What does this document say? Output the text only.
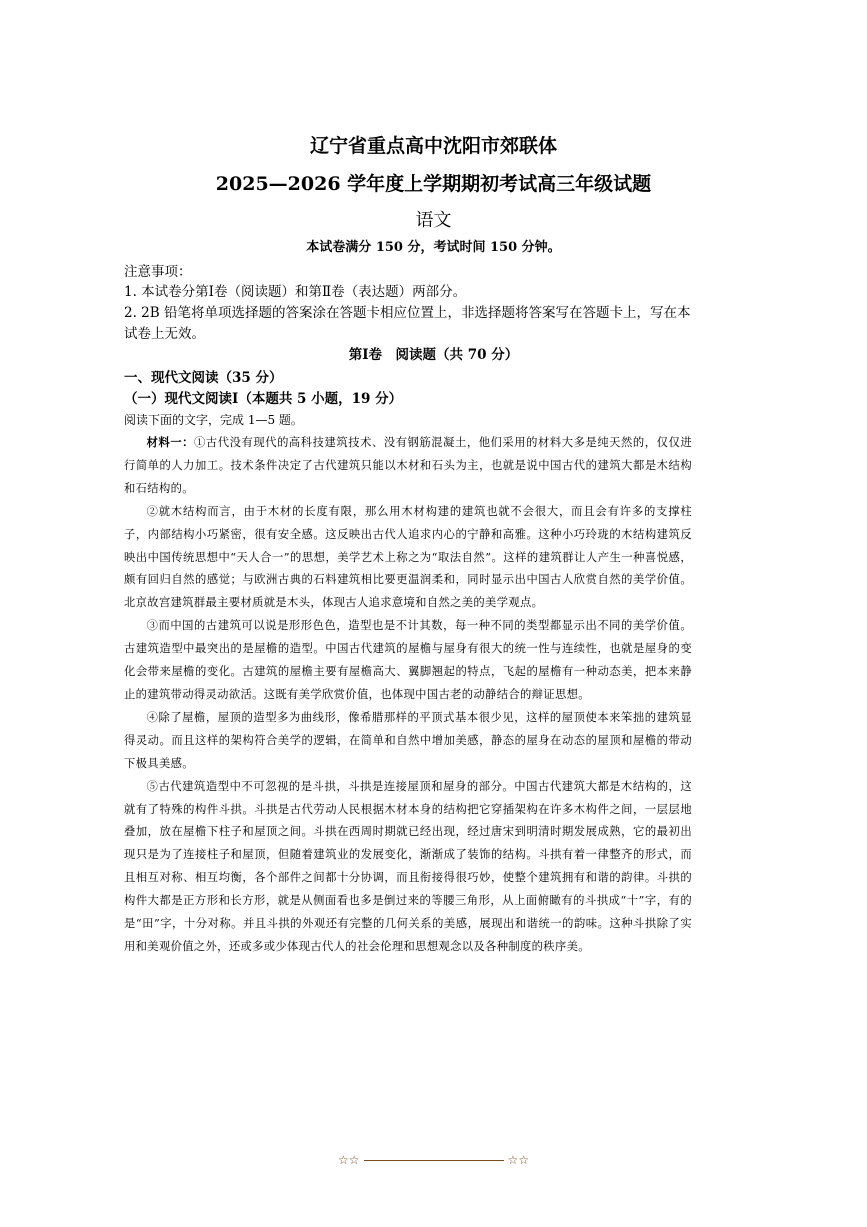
辽宁省重点高中沈阳市郊联体
2025—2026 学年度上学期期初考试高三年级试题
语文
本试卷满分 150 分，考试时间 150 分钟。
注意事项：
1. 本试卷分第Ⅰ卷（阅读题）和第Ⅱ卷（表达题）两部分。
2. 2B 铅笔将单项选择题的答案涂在答题卡相应位置上，非选择题将答案写在答题卡上，写在本试卷上无效。
第Ⅰ卷　阅读题（共 70 分）
一、现代文阅读（35 分）
（一）现代文阅读Ⅰ（本题共 5 小题，19 分）
阅读下面的文字，完成 1—5 题。

材料一：①古代没有现代的高科技建筑技术、没有钢筋混凝土，他们采用的材料大多是纯天然的，仅仅进行简单的人力加工。技术条件决定了古代建筑只能以木材和石头为主，也就是说中国古代的建筑大都是木结构和石结构的。

②就木结构而言，由于木材的长度有限，那么用木材构建的建筑也就不会很大，而且会有许多的支撑柱子，内部结构小巧紧密，很有安全感。这反映出古代人追求内心的宁静和高雅。这种小巧玲珑的木结构建筑反映出中国传统思想中“天人合一”的思想，美学艺术上称之为“取法自然”。这样的建筑群让人产生一种喜悦感，颇有回归自然的感觉；与欧洲古典的石料建筑相比要更温润柔和，同时显示出中国古人欣赏自然的美学价值。北京故宫建筑群最主要材质就是木头，体现古人追求意境和自然之美的美学观点。

③而中国的古建筑可以说是形形色色，造型也是不计其数，每一种不同的类型都显示出不同的美学价值。古建筑造型中最突出的是屋檐的造型。中国古代建筑的屋檐与屋身有很大的统一性与连续性，也就是屋身的变化会带来屋檐的变化。古建筑的屋檐主要有屋檐高大、翼脚翘起的特点，飞起的屋檐有一种动态美，把本来静止的建筑带动得灵动欲活。这既有美学欣赏价值，也体现中国古老的动静结合的辩证思想。

④除了屋檐，屋顶的造型多为曲线形，像希腊那样的平顶式基本很少见，这样的屋顶使本来笨拙的建筑显得灵动。而且这样的架构符合美学的逻辑，在简单和自然中增加美感，静态的屋身在动态的屋顶和屋檐的带动下极具美感。

⑤古代建筑造型中不可忽视的是斗拱，斗拱是连接屋顶和屋身的部分。中国古代建筑大都是木结构的，这就有了特殊的构件斗拱。斗拱是古代劳动人民根据木材本身的结构把它穿插架构在许多木构件之间，一层层地叠加，放在屋檐下柱子和屋顶之间。斗拱在西周时期就已经出现，经过唐宋到明清时期发展成熟，它的最初出现只是为了连接柱子和屋顶，但随着建筑业的发展变化，渐渐成了装饰的结构。斗拱有着一律整齐的形式，而且相互对称、相互均衡，各个部件之间都十分协调，而且衔接得很巧妙，使整个建筑拥有和谐的韵律。斗拱的构件大都是正方形和长方形，就是从侧面看也多是倒过来的等腰三角形，从上面俯瞰有的斗拱成“十”字，有的是“田”字，十分对称。并且斗拱的外观还有完整的几何关系的美感，展现出和谐统一的韵味。这种斗拱除了实用和美观价值之外，还或多或少体现古代人的社会伦理和思想观念以及各种制度的秩序美。

☆☆	☆☆
